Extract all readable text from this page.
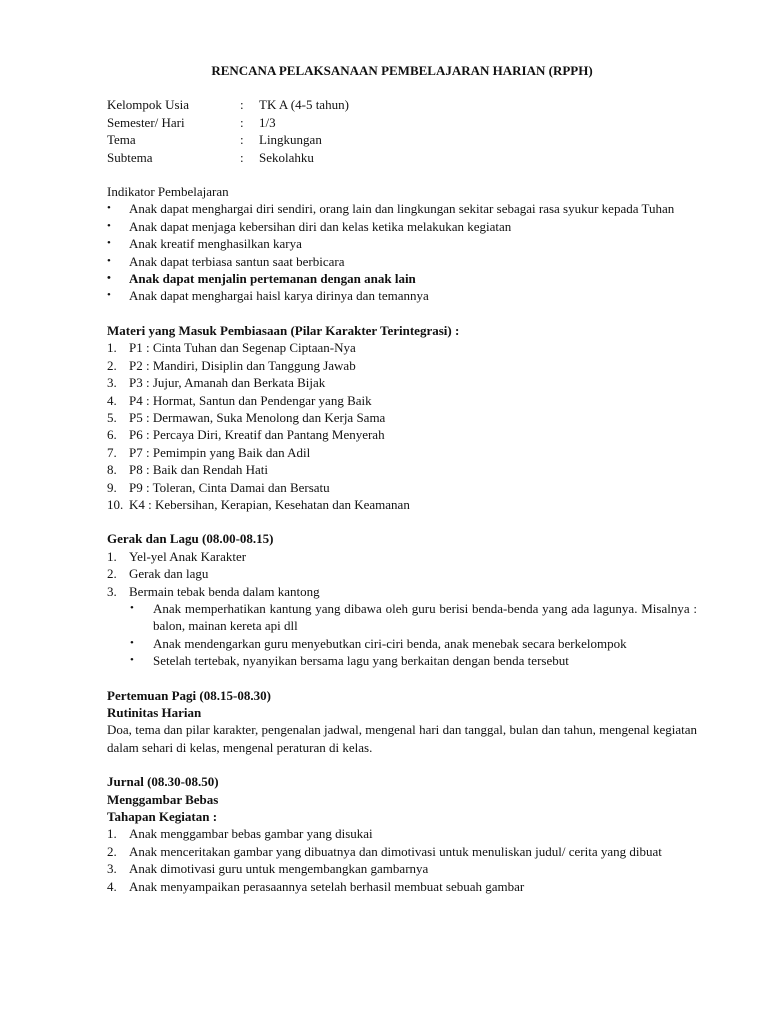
RENCANA PELAKSANAAN PEMBELAJARAN HARIAN (RPPH)
Kelompok Usia	:	TK A (4-5 tahun)
Semester/ Hari	:	1/3
Tema	:	Lingkungan
Subtema	:	Sekolahku
Indikator Pembelajaran
•	Anak dapat menghargai diri sendiri, orang lain dan lingkungan sekitar sebagai rasa syukur kepada Tuhan
•	Anak dapat menjaga kebersihan diri dan kelas ketika melakukan kegiatan
•	Anak kreatif menghasilkan karya
•	Anak dapat terbiasa santun saat berbicara
•	Anak dapat menjalin pertemanan dengan anak lain
•	Anak dapat menghargai haisl karya dirinya dan temannya
Materi yang Masuk Pembiasaan (Pilar Karakter Terintegrasi) :
1. P1 : Cinta Tuhan dan Segenap Ciptaan-Nya
2. P2 : Mandiri, Disiplin dan Tanggung Jawab
3. P3 : Jujur, Amanah dan Berkata Bijak
4. P4 : Hormat, Santun dan Pendengar yang Baik
5. P5 : Dermawan, Suka Menolong dan Kerja Sama
6. P6 : Percaya Diri, Kreatif dan Pantang Menyerah
7. P7 : Pemimpin yang Baik dan Adil
8. P8 : Baik dan Rendah Hati
9. P9 : Toleran, Cinta Damai dan Bersatu
10. K4 : Kebersihan, Kerapian, Kesehatan dan Keamanan
Gerak dan Lagu (08.00-08.15)
1. Yel-yel Anak Karakter
2. Gerak dan lagu
3. Bermain tebak benda dalam kantong
•	Anak memperhatikan kantung yang dibawa oleh guru berisi benda-benda yang ada lagunya. Misalnya : balon, mainan kereta api dll
•	Anak mendengarkan guru menyebutkan ciri-ciri benda, anak menebak secara berkelompok
•	Setelah tertebak, nyanyikan bersama lagu yang berkaitan dengan benda tersebut
Pertemuan Pagi (08.15-08.30)
Rutinitas Harian
Doa, tema dan pilar karakter, pengenalan jadwal, mengenal hari dan tanggal, bulan dan tahun, mengenal kegiatan dalam sehari di kelas, mengenal peraturan di kelas.
Jurnal (08.30-08.50)
Menggambar Bebas
Tahapan Kegiatan :
1. Anak menggambar bebas gambar yang disukai
2. Anak menceritakan gambar yang dibuatnya dan dimotivasi untuk menuliskan judul/ cerita yang dibuat
3. Anak dimotivasi guru untuk mengembangkan gambarnya
4. Anak menyampaikan perasaannya setelah berhasil membuat sebuah gambar
